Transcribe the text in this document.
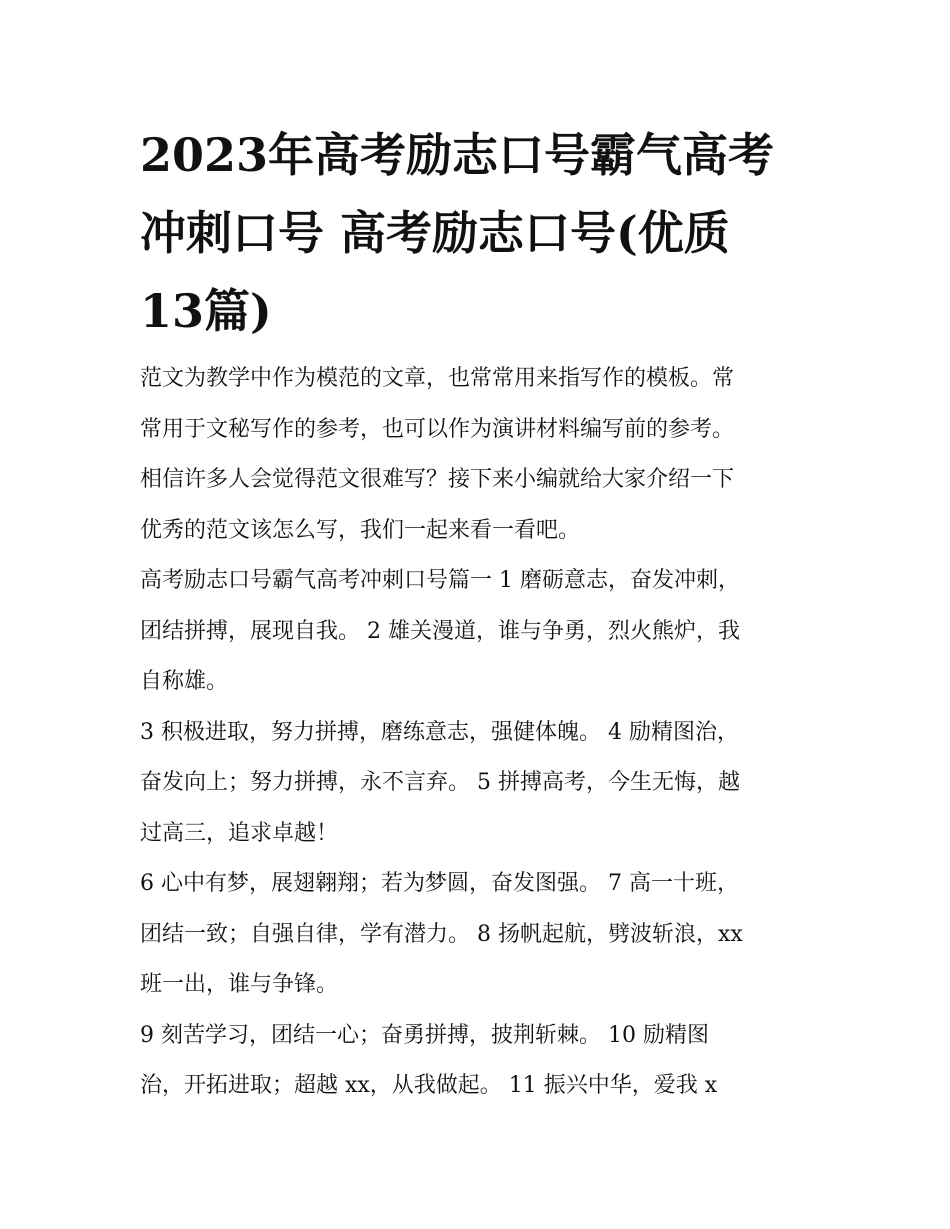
2023年高考励志口号霸气高考
冲刺口号 高考励志口号(优质
13篇)

范文为教学中作为模范的文章，也常常用来指写作的模板。常
常用于文秘写作的参考，也可以作为演讲材料编写前的参考。
相信许多人会觉得范文很难写？接下来小编就给大家介绍一下
优秀的范文该怎么写，我们一起来看一看吧。

高考励志口号霸气高考冲刺口号篇一 1 磨砺意志，奋发冲刺，
团结拼搏，展现自我。 2 雄关漫道，谁与争勇，烈火熊炉，我
自称雄。

3 积极进取，努力拼搏，磨练意志，强健体魄。 4 励精图治，
奋发向上；努力拼搏，永不言弃。 5 拼搏高考，今生无悔，越
过高三，追求卓越！

6 心中有梦，展翅翱翔；若为梦圆，奋发图强。 7 高一十班，
团结一致；自强自律，学有潜力。 8 扬帆起航，劈波斩浪，xx
班一出，谁与争锋。

9 刻苦学习，团结一心；奋勇拼搏，披荆斩棘。 10 励精图
治，开拓进取；超越 xx，从我做起。 11 振兴中华，爱我 x
